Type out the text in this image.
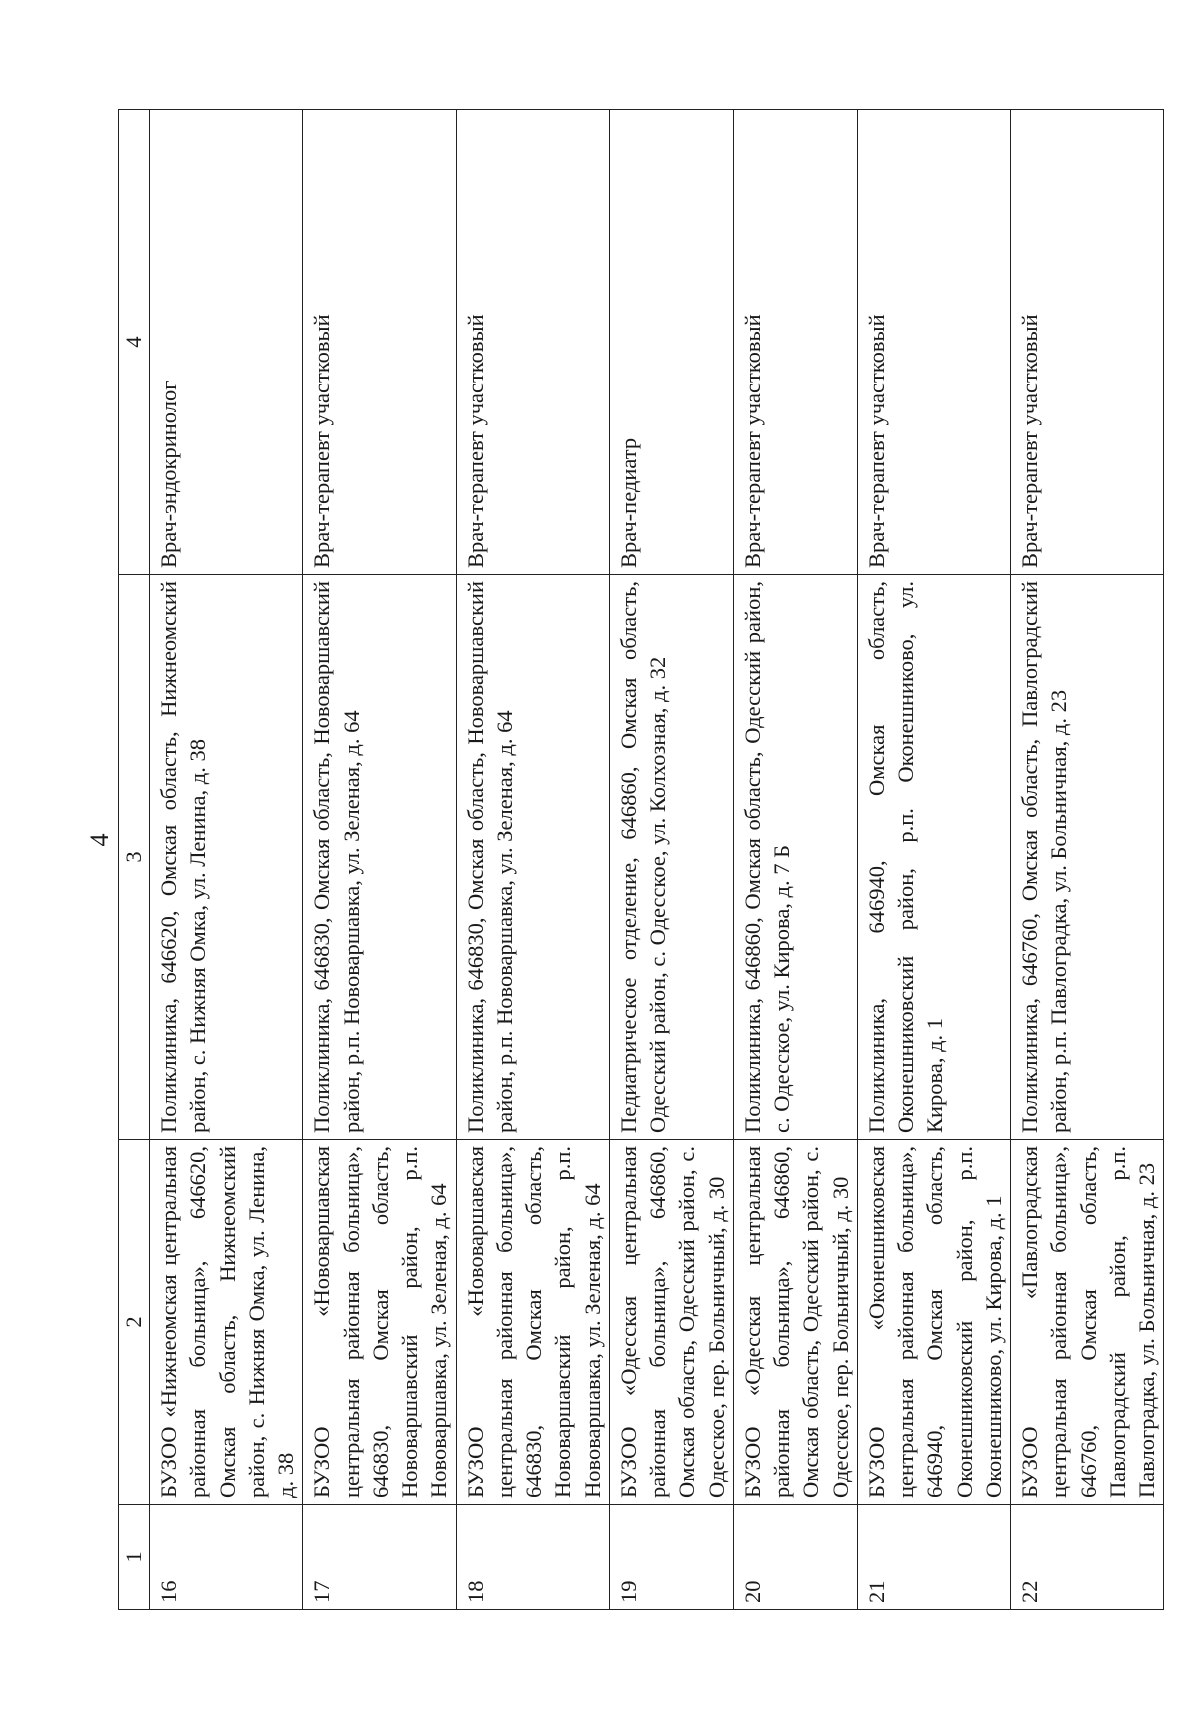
4
1	2	3	4
16	БУЗОО «Нижнеомская центральная районная больница», 646620, Омская область, Нижнеомский район, с. Нижняя Омка, ул. Ленина, д. 38	Поликлиника, 646620, Омская область, Нижнеомский район, с. Нижняя Омка, ул. Ленина, д. 38	Врач-эндокринолог
17	БУЗОО «Нововаршавская центральная районная больница», 646830, Омская область, Нововаршавский район, р.п. Нововаршавка, ул. Зеленая, д. 64	Поликлиника, 646830, Омская область, Нововаршавский район, р.п. Нововаршавка, ул. Зеленая, д. 64	Врач-терапевт участковый
18	БУЗОО «Нововаршавская центральная районная больница», 646830, Омская область, Нововаршавский район, р.п. Нововаршавка, ул. Зеленая, д. 64	Поликлиника, 646830, Омская область, Нововаршавский район, р.п. Нововаршавка, ул. Зеленая, д. 64	Врач-терапевт участковый
19	БУЗОО «Одесская центральная районная больница», 646860, Омская область, Одесский район, с. Одесское, пер. Больничный, д. 30	Педиатрическое отделение, 646860, Омская область, Одесский район, с. Одесское, ул. Колхозная, д. 32	Врач-педиатр
20	БУЗОО «Одесская центральная районная больница», 646860, Омская область, Одесский район, с. Одесское, пер. Больничный, д. 30	Поликлиника, 646860, Омская область, Одесский район, с. Одесское, ул. Кирова, д. 7 Б	Врач-терапевт участковый
21	БУЗОО «Оконешниковская центральная районная больница», 646940, Омская область, Оконешниковский район, р.п. Оконешниково, ул. Кирова, д. 1	Поликлиника, 646940, Омская область, Оконешниковский район, р.п. Оконешниково, ул. Кирова, д. 1	Врач-терапевт участковый
22	БУЗОО «Павлоградская центральная районная больница», 646760, Омская область, Павлоградский район, р.п. Павлоградка, ул. Больничная, д. 23	Поликлиника, 646760, Омская область, Павлоградский район, р.п. Павлоградка, ул. Больничная, д. 23	Врач-терапевт участковый
